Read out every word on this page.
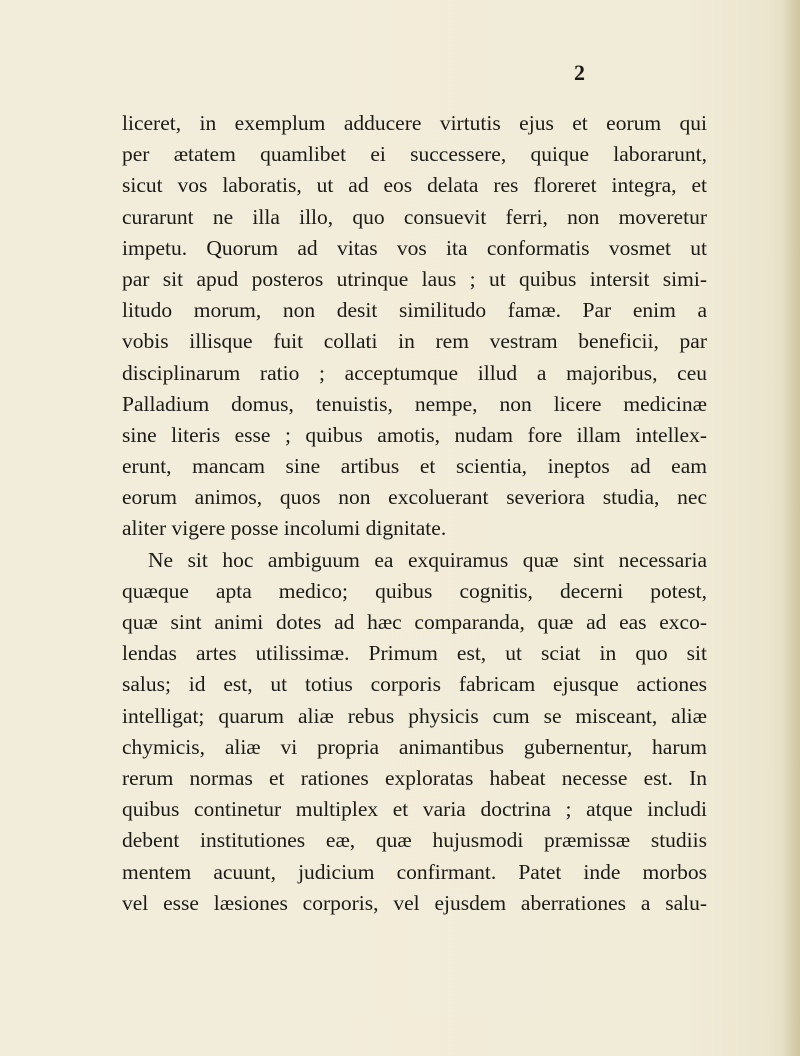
2
liceret, in exemplum adducere virtutis ejus et eorum qui
per ætatem quamlibet ei successere, quique laborarunt,
sicut vos laboratis, ut ad eos delata res floreret integra, et
curarunt ne illa illo, quo consuevit ferri, non moveretur
impetu. Quorum ad vitas vos ita conformatis vosmet ut
par sit apud posteros utrinque laus ; ut quibus intersit simi-
litudo morum, non desit similitudo famæ. Par enim a
vobis illisque fuit collati in rem vestram beneficii, par
disciplinarum ratio ; acceptumque illud a majoribus, ceu
Palladium domus, tenuistis, nempe, non licere medicinæ
sine literis esse ; quibus amotis, nudam fore illam intellex-
erunt, mancam sine artibus et scientia, ineptos ad eam
eorum animos, quos non excoluerant severiora studia, nec
aliter vigere posse incolumi dignitate.
Ne sit hoc ambiguum ea exquiramus quæ sint necessaria
quæque apta medico; quibus cognitis, decerni potest,
quæ sint animi dotes ad hæc comparanda, quæ ad eas exco-
lendas artes utilissimæ. Primum est, ut sciat in quo sit
salus; id est, ut totius corporis fabricam ejusque actiones
intelligat; quarum aliæ rebus physicis cum se misceant, aliæ
chymicis, aliæ vi propria animantibus gubernentur, harum
rerum normas et rationes exploratas habeat necesse est. In
quibus continetur multiplex et varia doctrina ; atque includi
debent institutiones eæ, quæ hujusmodi præmissæ studiis
mentem acuunt, judicium confirmant. Patet inde morbos
vel esse læsiones corporis, vel ejusdem aberrationes a salu-
